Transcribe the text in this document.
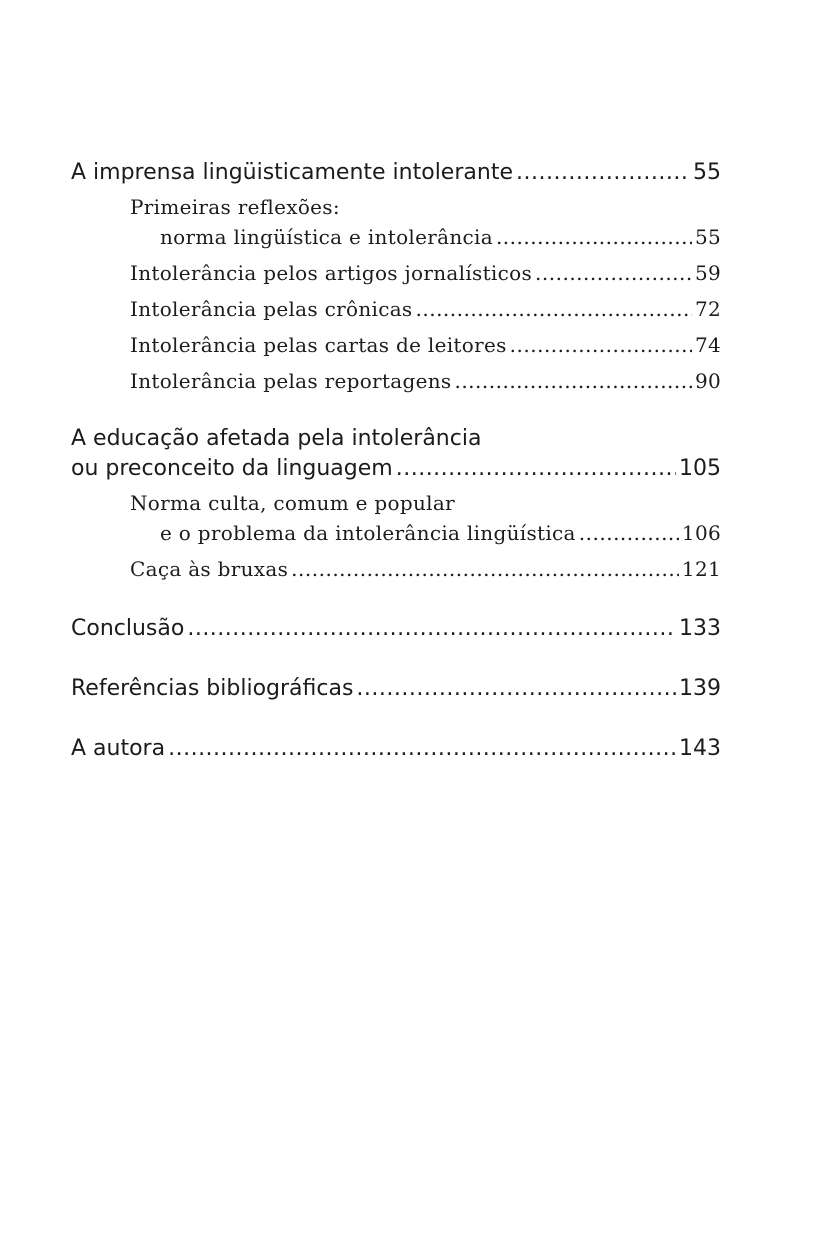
A imprensa lingüisticamente intolerante .....	55
Primeiras reflexões:
norma lingüística e intolerância .....	55
Intolerância pelos artigos jornalísticos .....	59
Intolerância pelas crônicas .....	72
Intolerância pelas cartas de leitores .....	74
Intolerância pelas reportagens .....	90
A educação afetada pela intolerância
ou preconceito da linguagem .....	105
Norma culta, comum e popular
e o problema da intolerância lingüística .....	106
Caça às bruxas .....	121
Conclusão .....	133
Referências bibliográficas .....	139
A autora .....	143
